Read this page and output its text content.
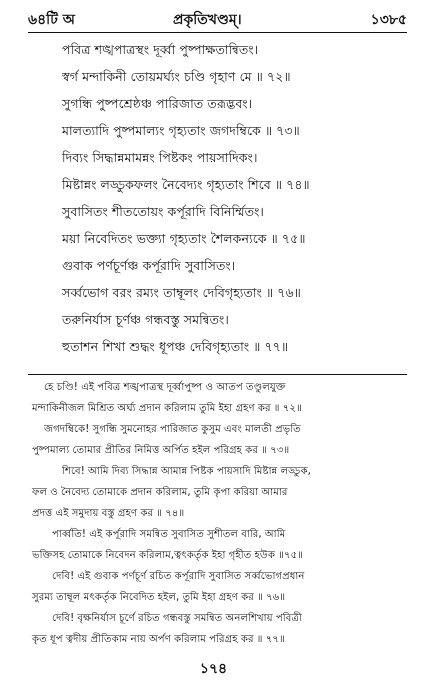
৬৪টি অ	প্রকৃতিখণ্ডম্।	১৩৮৫
পবিত্র শঙ্খপাত্রস্থং দূর্ব্বা পুষ্পাক্ষতান্বিতং।
স্বর্গ মন্দাকিনী তোয়মর্ঘ্যং চণ্ডি গৃহাণ মে ॥ ৭২॥
সুগন্ধি পুষ্পশ্রেষ্ঠঞ্চ পারিজাত তরূদ্ভবং।
মালত্যাদি পুষ্পমাল্যং গৃহ্যতাং জগদম্বিকে ॥ ৭৩॥
দিব্যং সিদ্ধান্নমামন্নং পিষ্টকং পায়সাদিকং।
মিষ্টান্নং লড্ডুকফলং নৈবেদ্যং গৃহ্যতাং শিবে ॥ ৭৪॥
সুবাসিতং শীততোয়ং কর্পূরাদি বিনির্ম্মিতং।
ময়া নিবেদিতং ভক্ত্যা গৃহ্যতাং শৈলকন্যকে ॥ ৭৫॥
গুবাক পর্ণচূর্ণঞ্চ কর্পূরাদি সুবাসিতং।
সর্ব্বভোগ বরং রম্যং তাম্বূলং দেবিগৃহ্যতাং ॥ ৭৬॥
তরুনির্যাস চূর্ণঞ্চ গন্ধবস্তু সমন্বিতং।
হুতাশন শিখা শুদ্ধং ধূপঞ্চ দেবিগৃহ্যতাং ॥ ৭৭॥
হে চণ্ডি! এই পবিত্র শঙ্খপাত্রস্থ দূর্ব্বাপুষ্প ও আতপ তণ্ডুলযুক্ত
মন্দাকিনীজল মিশ্রিত অর্ঘ্য প্রদান করিলাম তুমি ইহা গ্রহণ কর ॥ ৭২॥
জগদম্বিকে! সুগন্ধি সুমনোহর পারিজাত কুসুম এবং মালতী প্রভৃতি
পুষ্পমাল্য তোমার প্রীতির নিমিত্ত অর্পিত হইল পরিগ্রহ কর ॥ ৭৩॥
শিবে! আমি দিব্য সিদ্ধান্ন আমান্ন পিষ্টক পায়সাদি মিষ্টান্ন লড্ডুক,
ফল ও নৈবেদ্য তোমাকে প্রদান করিলাম, তুমি কৃপা করিয়া আমার
প্রদত্ত এই সমুদায় বস্তু গ্রহণ কর ॥ ৭৪॥
পার্ব্বতি! এই কর্পূরাদি সমন্বিত সুবাসিত সুশীতল বারি, আমি
ভক্তিসহ তোমাকে নিবেদন করিলাম,ত্বৎকর্তৃক ইহা গৃহীত হউক ॥৭৫॥
দেবি! এই গুবাক পর্ণচূর্ণ রচিত কর্পূরাদি সুবাসিত সর্ব্বভোগপ্রধান
সুরম্য তাম্বূল মৎকর্তৃক নিবেদিত হইল, তুমি ইহা গ্রহণ কর ॥ ৭৬॥
দেবি! বৃক্ষনির্যাস চূর্ণে রচিত গন্ধবস্তু সমন্বিত অনলশিখায় পবিত্রী
কৃত ধূপ ত্বদীয় প্রীতিকাম নায় অর্পণ করিলাম পরিগ্রহ কর ॥ ৭৭॥
১৭৪
